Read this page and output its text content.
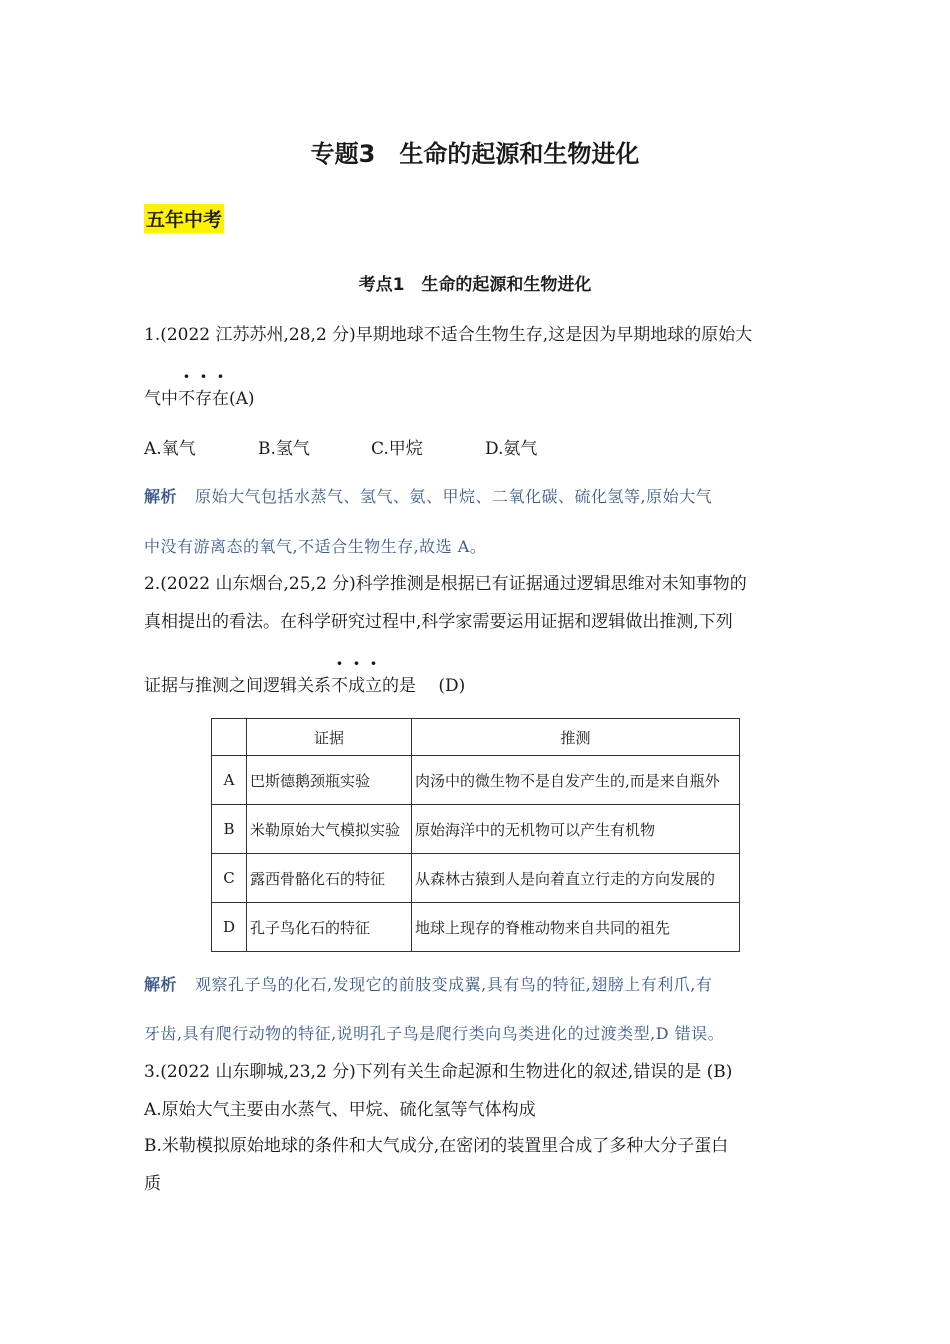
专题3　生命的起源和生物进化
五年中考
考点1　生命的起源和生物进化
1.(2022 江苏苏州,28,2 分)早期地球不适合生物生存,这是因为早期地球的原始大
气中不存在(A)
A.氧气	B.氢气	C.甲烷	D.氨气
解析 原始大气包括水蒸气、氢气、氨、甲烷、二氧化碳、硫化氢等,原始大气
中没有游离态的氧气,不适合生物生存,故选 A。
2.(2022 山东烟台,25,2 分)科学推测是根据已有证据通过逻辑思维对未知事物的
真相提出的看法。在科学研究过程中,科学家需要运用证据和逻辑做出推测,下列
证据与推测之间逻辑关系不成立的是　 (D)
	证据	推测
A	巴斯德鹅颈瓶实验	肉汤中的微生物不是自发产生的,而是来自瓶外
B	米勒原始大气模拟实验	原始海洋中的无机物可以产生有机物
C	露西骨骼化石的特征	从森林古猿到人是向着直立行走的方向发展的
D	孔子鸟化石的特征	地球上现存的脊椎动物来自共同的祖先
解析 观察孔子鸟的化石,发现它的前肢变成翼,具有鸟的特征,翅膀上有利爪,有
牙齿,具有爬行动物的特征,说明孔子鸟是爬行类向鸟类进化的过渡类型,D 错误。
3.(2022 山东聊城,23,2 分)下列有关生命起源和生物进化的叙述,错误的是 (B)
A.原始大气主要由水蒸气、甲烷、硫化氢等气体构成
B.米勒模拟原始地球的条件和大气成分,在密闭的装置里合成了多种大分子蛋白
质
